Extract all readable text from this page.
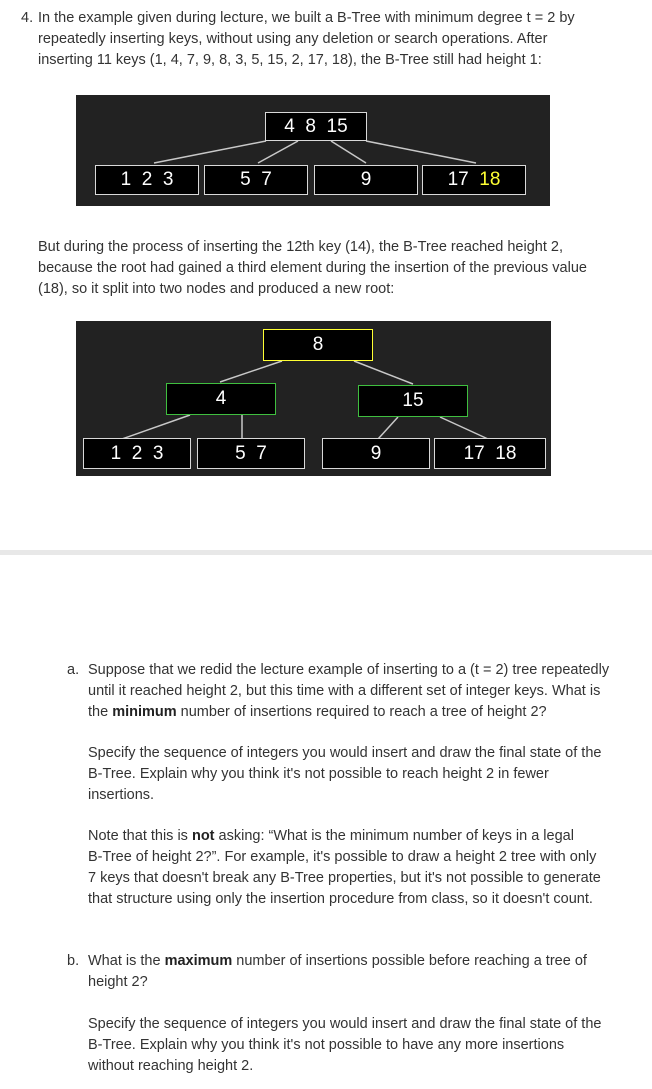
4. In the example given during lecture, we built a B-Tree with minimum degree t = 2 by

repeatedly inserting keys, without using any deletion or search operations. After

inserting 11 keys (1, 4, 7, 9, 8, 3, 5, 15, 2, 17, 18), the B-Tree still had height 1:

4  8  15
1  2  3	5  7	9	17
18

But during the process of inserting the 12th key (14), the B-Tree reached height 2,

because the root had gained a third element during the insertion of the previous value

(18), so it split into two nodes and produced a new root:

8
4	15
1  2  3	5  7	9	17  18
a. Suppose that we redid the lecture example of inserting to a (t = 2) tree repeatedly

until it reached height 2, but this time with a different set of integer keys. What is

the minimum number of insertions required to reach a tree of height 2?

Specify the sequence of integers you would insert and draw the final state of the

B-Tree. Explain why you think it's not possible to reach height 2 in fewer

insertions.

Note that this is not asking: “What is the minimum number of keys in a legal

B-Tree of height 2?”. For example, it's possible to draw a height 2 tree with only

7 keys that doesn't break any B-Tree properties, but it's not possible to generate

that structure using only the insertion procedure from class, so it doesn't count.

b. What is the maximum number of insertions possible before reaching a tree of

height 2?

Specify the sequence of integers you would insert and draw the final state of the

B-Tree. Explain why you think it's not possible to have any more insertions

without reaching height 2.
